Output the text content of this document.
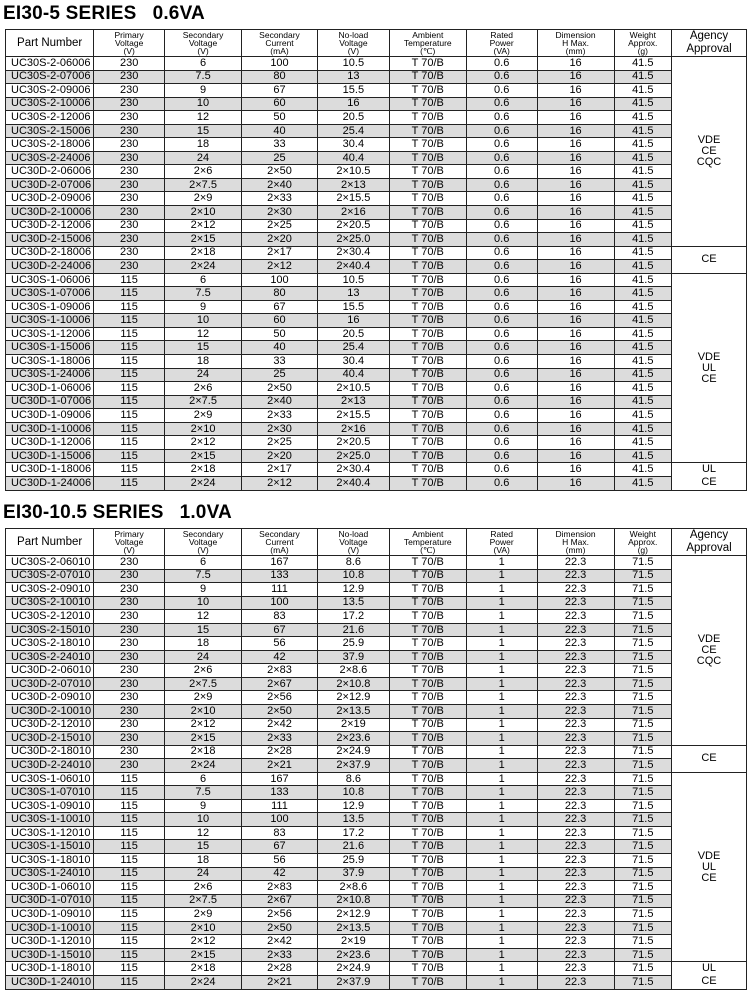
EI30-5 SERIES 0.6VA
Part Number	Primary
Voltage
(V)	Secondary
Voltage
(V)	Secondary
Current
(mA)	No-load
Voltage
(V)	Ambient
Temperature
(℃)	Rated
Power
(VA)	Dimension
H Max.
(mm)	Weight
Approx.
(g)	Agency
Approval

UC30S-2-06006	230	6	100	10.5	T 70/B	0.6	16	41.5	VDE
CE
CQC

UC30S-2-07006	230	7.5	80	13	T 70/B	0.6	16	41.5	
UC30S-2-09006	230	9	67	15.5	T 70/B	0.6	16	41.5	
UC30S-2-10006	230	10	60	16	T 70/B	0.6	16	41.5	
UC30S-2-12006	230	12	50	20.5	T 70/B	0.6	16	41.5	
UC30S-2-15006	230	15	40	25.4	T 70/B	0.6	16	41.5	
UC30S-2-18006	230	18	33	30.4	T 70/B	0.6	16	41.5	
UC30S-2-24006	230	24	25	40.4	T 70/B	0.6	16	41.5	
UC30D-2-06006	230	2×6	2×50	2×10.5	T 70/B	0.6	16	41.5	
UC30D-2-07006	230	2×7.5	2×40	2×13	T 70/B	0.6	16	41.5	
UC30D-2-09006	230	2×9	2×33	2×15.5	T 70/B	0.6	16	41.5	
UC30D-2-10006	230	2×10	2×30	2×16	T 70/B	0.6	16	41.5	
UC30D-2-12006	230	2×12	2×25	2×20.5	T 70/B	0.6	16	41.5	
UC30D-2-15006	230	2×15	2×20	2×25.0	T 70/B	0.6	16	41.5	
UC30D-2-18006	230	2×18	2×17	2×30.4	T 70/B	0.6	16	41.5	CE

UC30D-2-24006	230	2×24	2×12	2×40.4	T 70/B	0.6	16	41.5	
UC30S-1-06006	115	6	100	10.5	T 70/B	0.6	16	41.5	VDE
UL
CE

UC30S-1-07006	115	7.5	80	13	T 70/B	0.6	16	41.5	
UC30S-1-09006	115	9	67	15.5	T 70/B	0.6	16	41.5	
UC30S-1-10006	115	10	60	16	T 70/B	0.6	16	41.5	
UC30S-1-12006	115	12	50	20.5	T 70/B	0.6	16	41.5	
UC30S-1-15006	115	15	40	25.4	T 70/B	0.6	16	41.5	
UC30S-1-18006	115	18	33	30.4	T 70/B	0.6	16	41.5	
UC30S-1-24006	115	24	25	40.4	T 70/B	0.6	16	41.5	
UC30D-1-06006	115	2×6	2×50	2×10.5	T 70/B	0.6	16	41.5	
UC30D-1-07006	115	2×7.5	2×40	2×13	T 70/B	0.6	16	41.5	
UC30D-1-09006	115	2×9	2×33	2×15.5	T 70/B	0.6	16	41.5	
UC30D-1-10006	115	2×10	2×30	2×16	T 70/B	0.6	16	41.5	
UC30D-1-12006	115	2×12	2×25	2×20.5	T 70/B	0.6	16	41.5	
UC30D-1-15006	115	2×15	2×20	2×25.0	T 70/B	0.6	16	41.5	
UC30D-1-18006	115	2×18	2×17	2×30.4	T 70/B	0.6	16	41.5	UL
CE

UC30D-1-24006	115	2×24	2×12	2×40.4	T 70/B	0.6	16	41.5	
EI30-10.5 SERIES 1.0VA
Part Number	Primary
Voltage
(V)	Secondary
Voltage
(V)	Secondary
Current
(mA)	No-load
Voltage
(V)	Ambient
Temperature
(℃)	Rated
Power
(VA)	Dimension
H Max.
(mm)	Weight
Approx.
(g)	Agency
Approval

UC30S-2-06010	230	6	167	8.6	T 70/B	1	22.3	71.5	VDE
CE
CQC

UC30S-2-07010	230	7.5	133	10.8	T 70/B	1	22.3	71.5	
UC30S-2-09010	230	9	111	12.9	T 70/B	1	22.3	71.5	
UC30S-2-10010	230	10	100	13.5	T 70/B	1	22.3	71.5	
UC30S-2-12010	230	12	83	17.2	T 70/B	1	22.3	71.5	
UC30S-2-15010	230	15	67	21.6	T 70/B	1	22.3	71.5	
UC30S-2-18010	230	18	56	25.9	T 70/B	1	22.3	71.5	
UC30S-2-24010	230	24	42	37.9	T 70/B	1	22.3	71.5	
UC30D-2-06010	230	2×6	2×83	2×8.6	T 70/B	1	22.3	71.5	
UC30D-2-07010	230	2×7.5	2×67	2×10.8	T 70/B	1	22.3	71.5	
UC30D-2-09010	230	2×9	2×56	2×12.9	T 70/B	1	22.3	71.5	
UC30D-2-10010	230	2×10	2×50	2×13.5	T 70/B	1	22.3	71.5	
UC30D-2-12010	230	2×12	2×42	2×19	T 70/B	1	22.3	71.5	
UC30D-2-15010	230	2×15	2×33	2×23.6	T 70/B	1	22.3	71.5	
UC30D-2-18010	230	2×18	2×28	2×24.9	T 70/B	1	22.3	71.5	CE

UC30D-2-24010	230	2×24	2×21	2×37.9	T 70/B	1	22.3	71.5	
UC30S-1-06010	115	6	167	8.6	T 70/B	1	22.3	71.5	VDE
UL
CE

UC30S-1-07010	115	7.5	133	10.8	T 70/B	1	22.3	71.5	
UC30S-1-09010	115	9	111	12.9	T 70/B	1	22.3	71.5	
UC30S-1-10010	115	10	100	13.5	T 70/B	1	22.3	71.5	
UC30S-1-12010	115	12	83	17.2	T 70/B	1	22.3	71.5	
UC30S-1-15010	115	15	67	21.6	T 70/B	1	22.3	71.5	
UC30S-1-18010	115	18	56	25.9	T 70/B	1	22.3	71.5	
UC30S-1-24010	115	24	42	37.9	T 70/B	1	22.3	71.5	
UC30D-1-06010	115	2×6	2×83	2×8.6	T 70/B	1	22.3	71.5	
UC30D-1-07010	115	2×7.5	2×67	2×10.8	T 70/B	1	22.3	71.5	
UC30D-1-09010	115	2×9	2×56	2×12.9	T 70/B	1	22.3	71.5	
UC30D-1-10010	115	2×10	2×50	2×13.5	T 70/B	1	22.3	71.5	
UC30D-1-12010	115	2×12	2×42	2×19	T 70/B	1	22.3	71.5	
UC30D-1-15010	115	2×15	2×33	2×23.6	T 70/B	1	22.3	71.5	
UC30D-1-18010	115	2×18	2×28	2×24.9	T 70/B	1	22.3	71.5	UL
CE

UC30D-1-24010	115	2×24	2×21	2×37.9	T 70/B	1	22.3	71.5	
